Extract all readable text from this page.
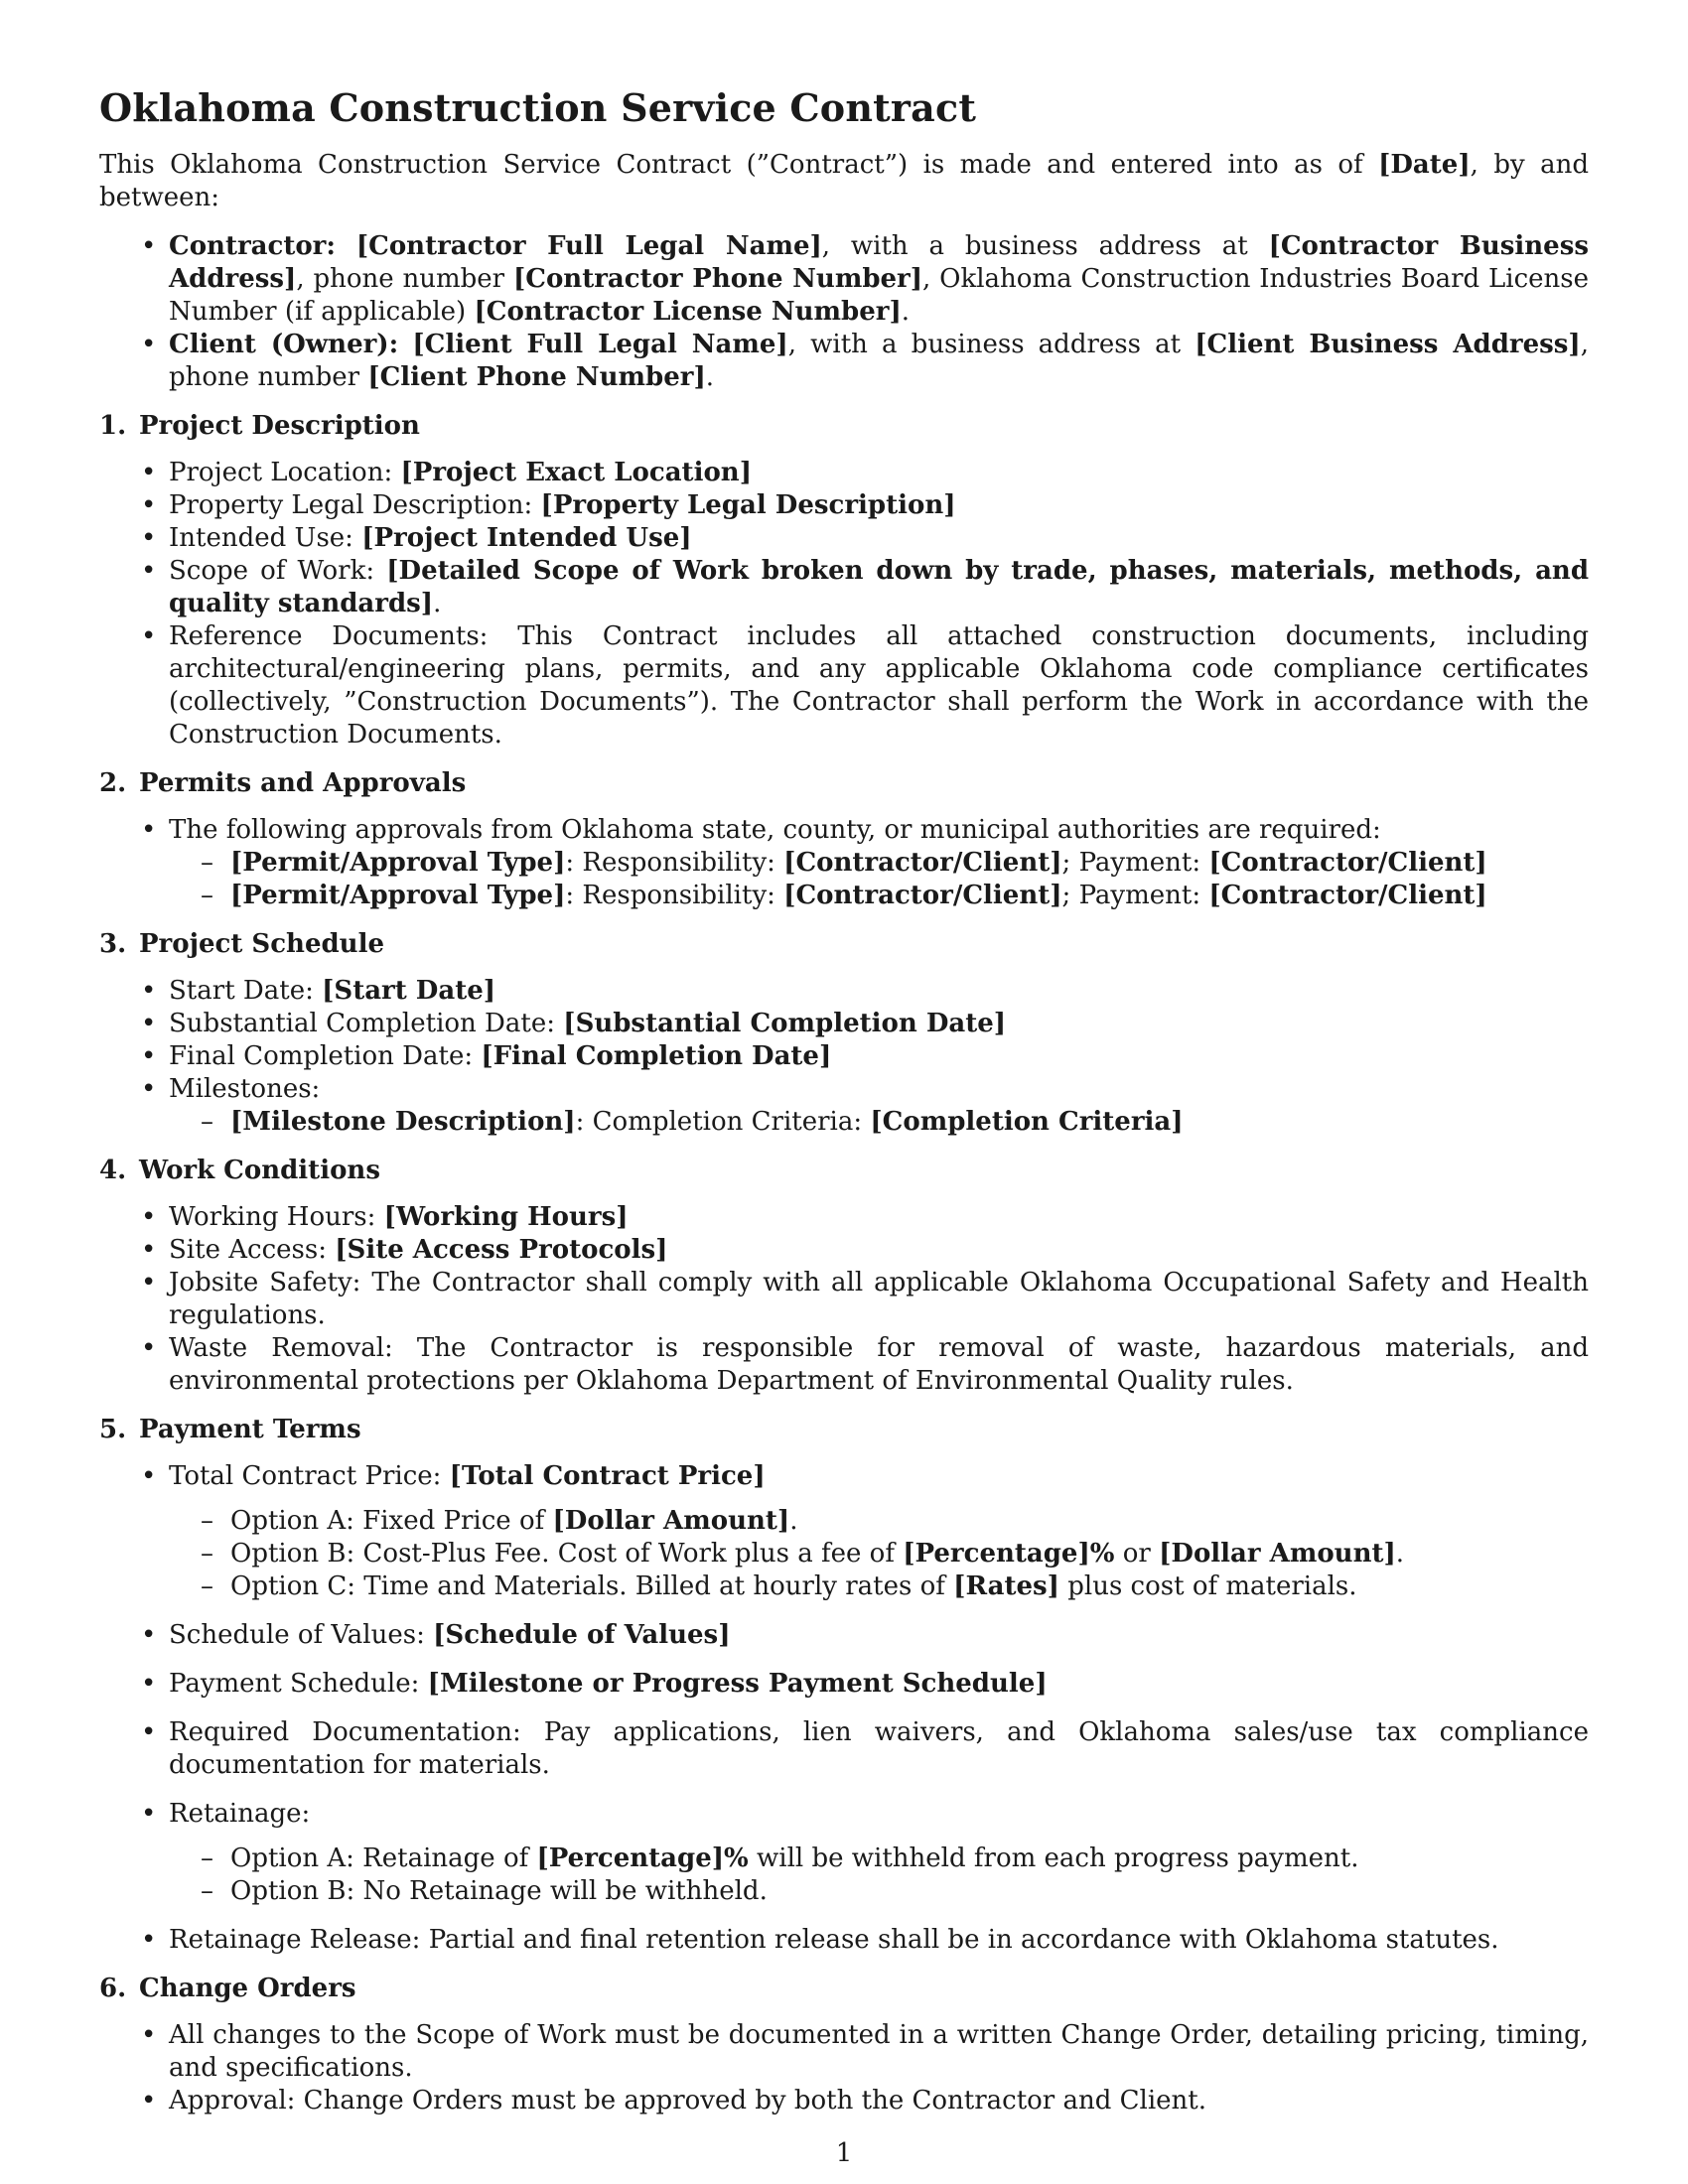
Oklahoma Construction Service Contract

This Oklahoma Construction Service Contract (”Contract”) is made and entered into as of [Date], by and between:

• Contractor: [Contractor Full Legal Name], with a business address at [Contractor Business Address], phone number [Contractor Phone Number], Oklahoma Construction Industries Board License Number (if applicable) [Contractor License Number].
• Client (Owner): [Client Full Legal Name], with a business address at [Client Business Address], phone number [Client Phone Number].
1. Project Description
• Project Location: [Project Exact Location]
• Property Legal Description: [Property Legal Description]
• Intended Use: [Project Intended Use]
• Scope of Work: [Detailed Scope of Work broken down by trade, phases, materials, methods, and quality standards].
• Reference Documents: This Contract includes all attached construction documents, including architectural/engineering plans, permits, and any applicable Oklahoma code compliance certificates (collectively, ”Construction Documents”). The Contractor shall perform the Work in accordance with the Construction Documents.
2. Permits and Approvals
• The following approvals from Oklahoma state, county, or municipal authorities are required:
– [Permit/Approval Type]: Responsibility: [Contractor/Client]; Payment: [Contractor/Client]
– [Permit/Approval Type]: Responsibility: [Contractor/Client]; Payment: [Contractor/Client]
3. Project Schedule
• Start Date: [Start Date]
• Substantial Completion Date: [Substantial Completion Date]
• Final Completion Date: [Final Completion Date]
• Milestones:
– [Milestone Description]: Completion Criteria: [Completion Criteria]
4. Work Conditions
• Working Hours: [Working Hours]
• Site Access: [Site Access Protocols]
• Jobsite Safety: The Contractor shall comply with all applicable Oklahoma Occupational Safety and Health regulations.
• Waste Removal: The Contractor is responsible for removal of waste, hazardous materials, and environmental protections per Oklahoma Department of Environmental Quality rules.
5. Payment Terms
• Total Contract Price: [Total Contract Price]
– Option A: Fixed Price of [Dollar Amount].
– Option B: Cost-Plus Fee. Cost of Work plus a fee of [Percentage]% or [Dollar Amount].
– Option C: Time and Materials. Billed at hourly rates of [Rates] plus cost of materials.
• Schedule of Values: [Schedule of Values]
• Payment Schedule: [Milestone or Progress Payment Schedule]
• Required Documentation: Pay applications, lien waivers, and Oklahoma sales/use tax compliance documentation for materials.
• Retainage:
– Option A: Retainage of [Percentage]% will be withheld from each progress payment.
– Option B: No Retainage will be withheld.
• Retainage Release: Partial and final retention release shall be in accordance with Oklahoma statutes.
6. Change Orders
• All changes to the Scope of Work must be documented in a written Change Order, detailing pricing, timing, and specifications.
• Approval: Change Orders must be approved by both the Contractor and Client.
1
